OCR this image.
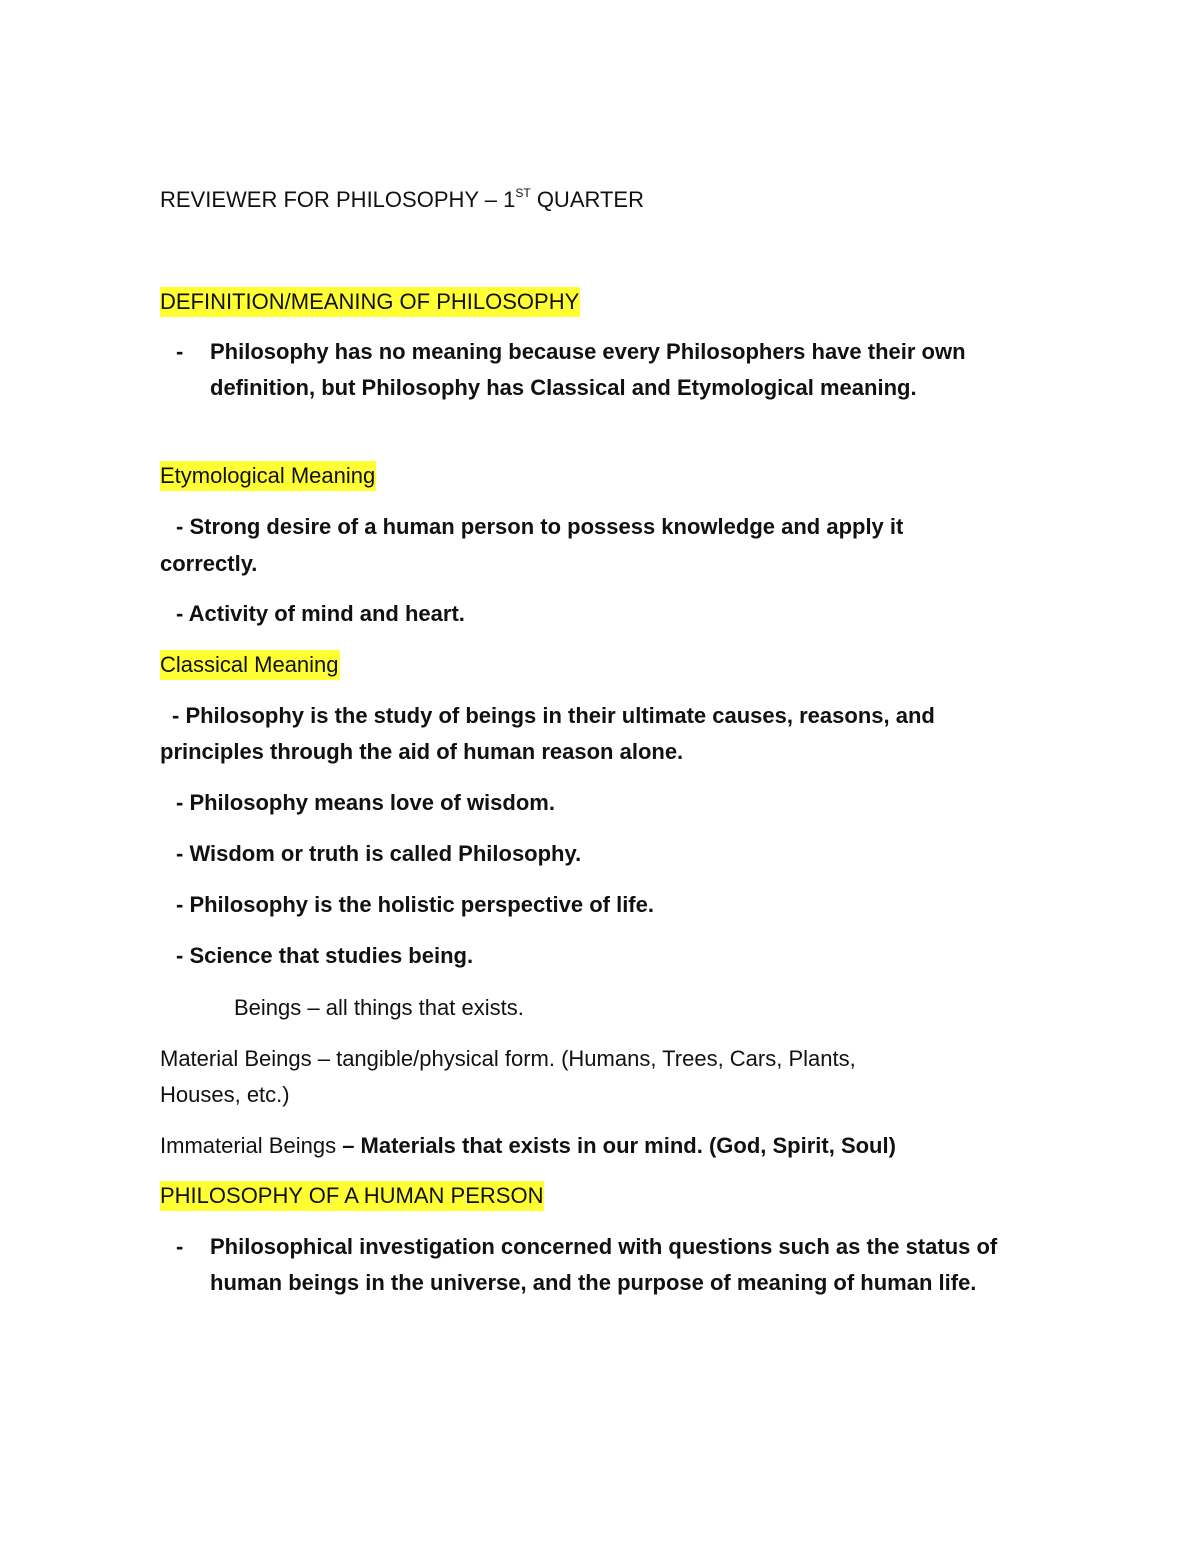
REVIEWER FOR PHILOSOPHY – 1ST QUARTER
DEFINITION/MEANING OF PHILOSOPHY
-	Philosophy has no meaning because every Philosophers have their own definition, but Philosophy has Classical and Etymological meaning.
Etymological Meaning
- Strong desire of a human person to possess knowledge and apply it
correctly.
- Activity of mind and heart.
Classical Meaning
- Philosophy is the study of beings in their ultimate causes, reasons, and
principles through the aid of human reason alone.
- Philosophy means love of wisdom.
- Wisdom or truth is called Philosophy.
- Philosophy is the holistic perspective of life.
- Science that studies being.
Beings – all things that exists.
Material Beings – tangible/physical form. (Humans, Trees, Cars, Plants,
Houses, etc.)
Immaterial Beings – Materials that exists in our mind. (God, Spirit, Soul)
PHILOSOPHY OF A HUMAN PERSON
-	Philosophical investigation concerned with questions such as the status of human beings in the universe, and the purpose of meaning of human life.
